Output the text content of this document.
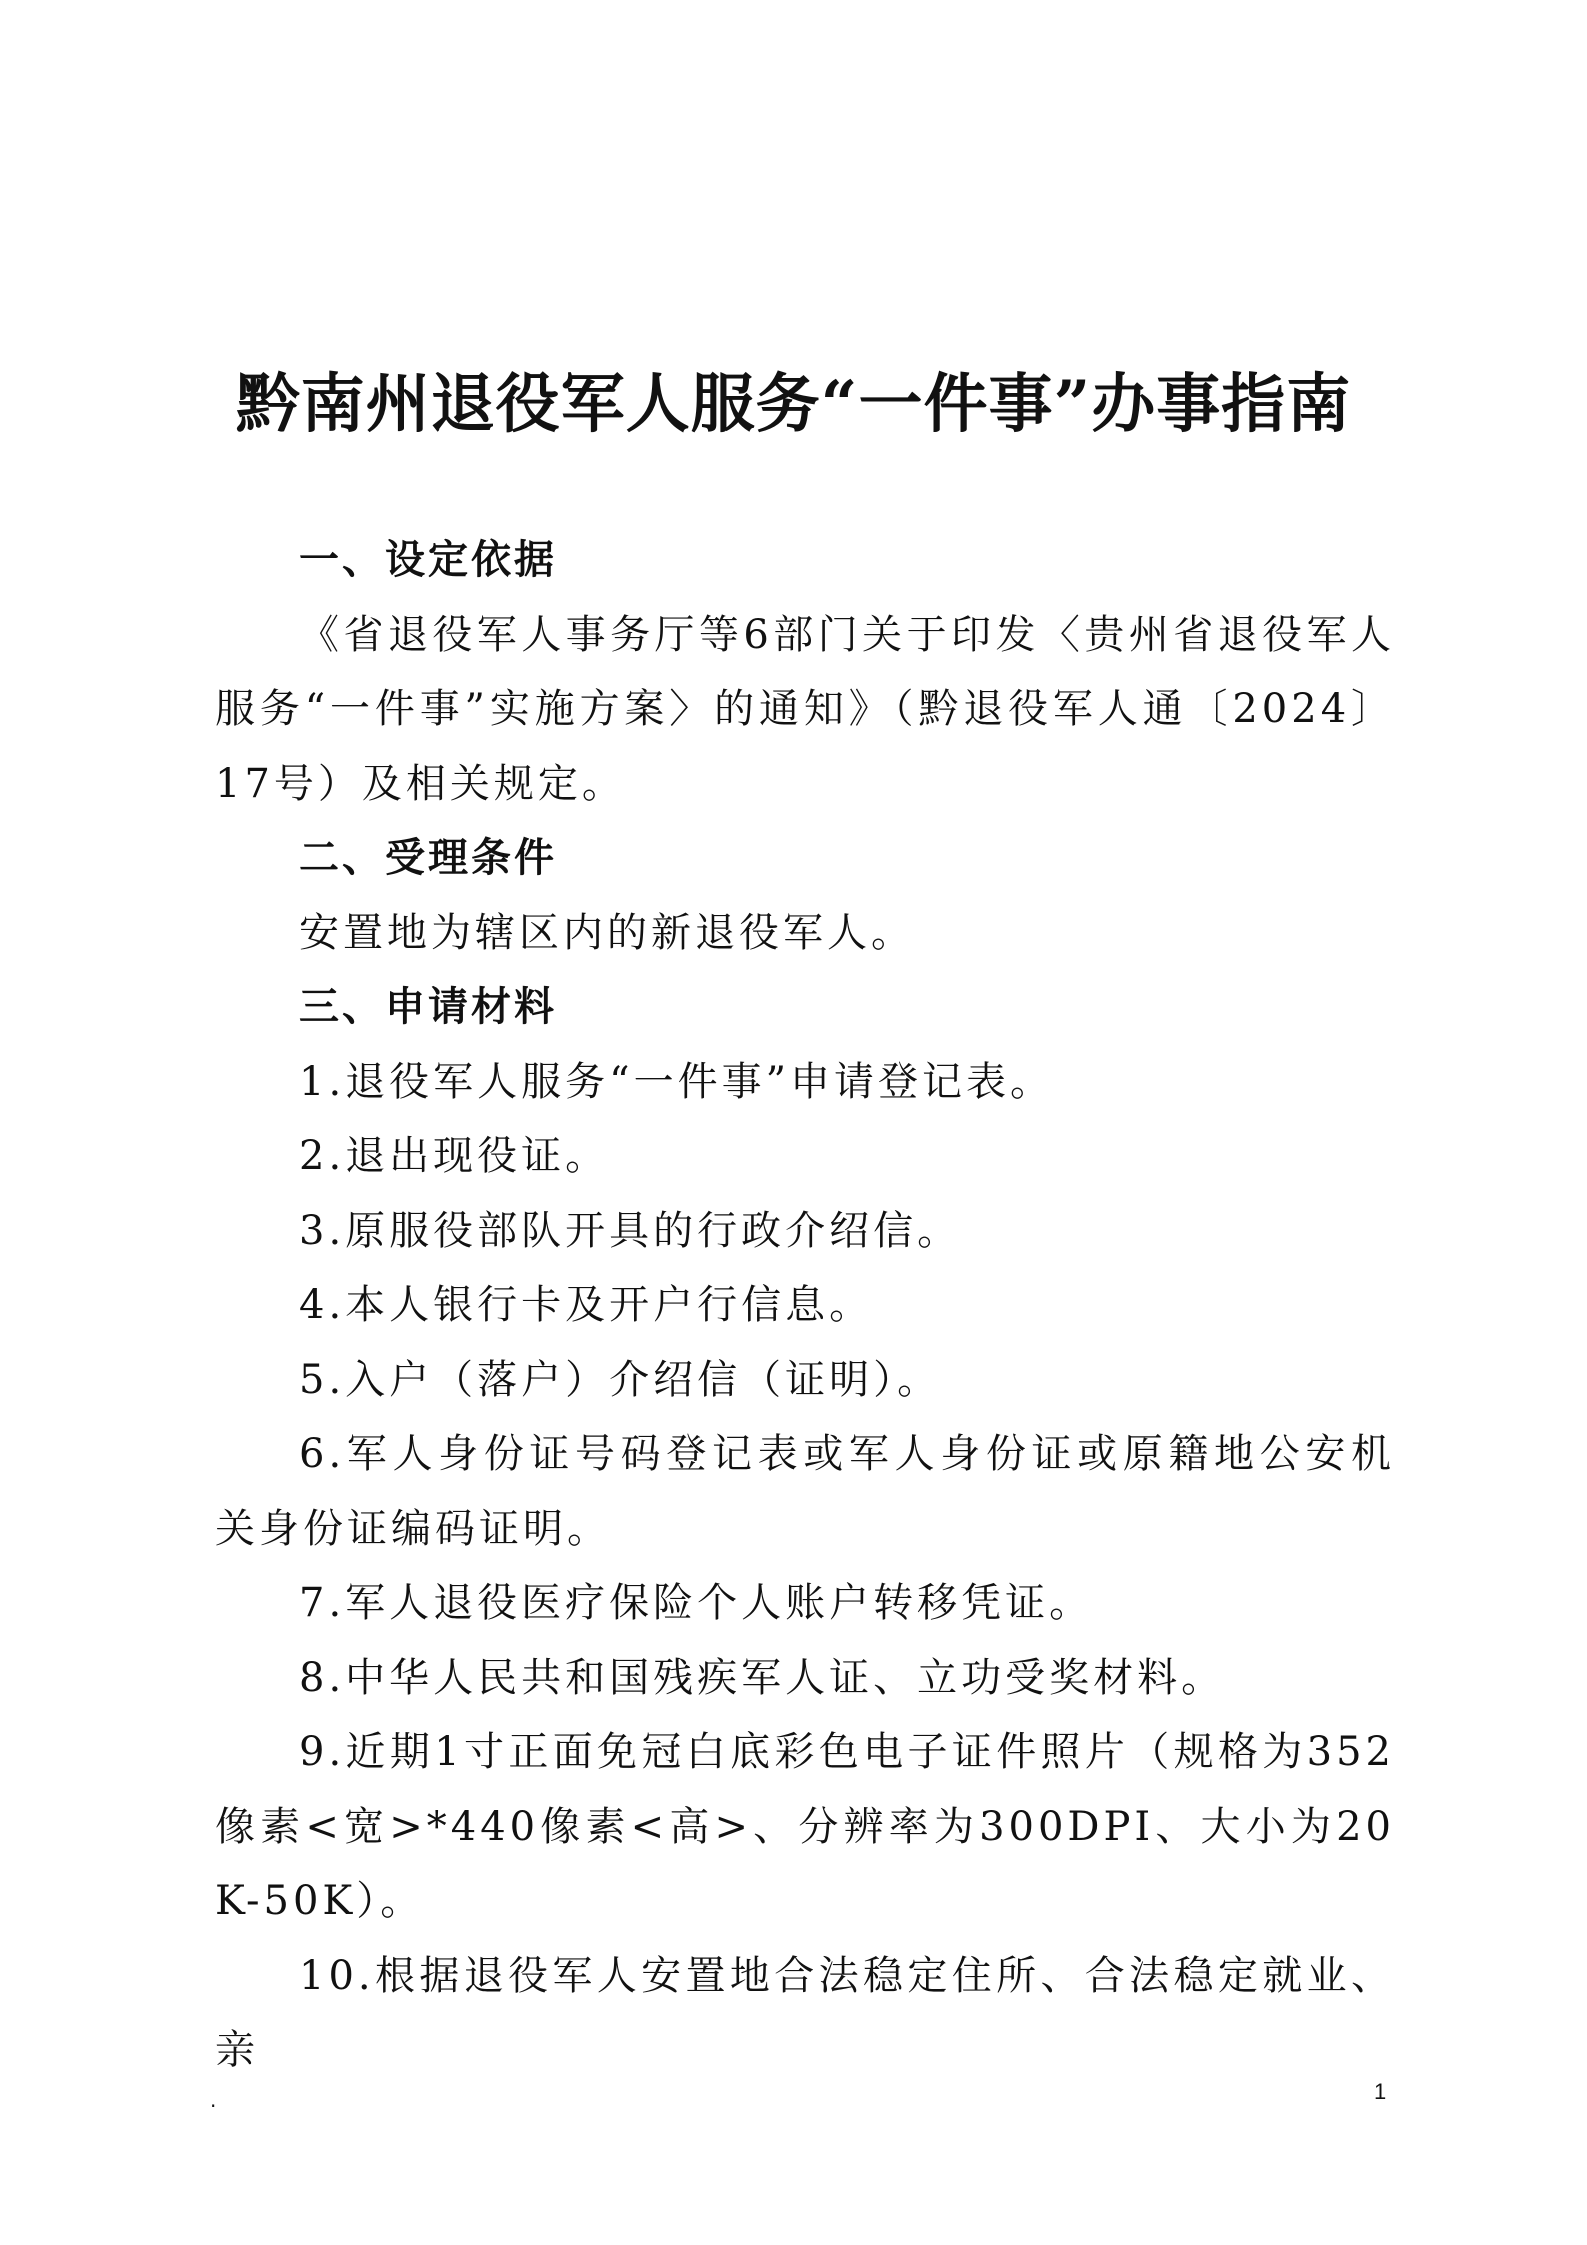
黔南州退役军人服务“一件事”办事指南

一、设定依据

《省退役军人事务厅等6部门关于印发〈贵州省退役军人服务“一件事”实施方案〉的通知》（黔退役军人通〔2024〕17号）及相关规定。

二、受理条件

安置地为辖区内的新退役军人。

三、申请材料

1.退役军人服务“一件事”申请登记表。

2.退出现役证。

3.原服役部队开具的行政介绍信。

4.本人银行卡及开户行信息。

5.入户（落户）介绍信（证明）。

6.军人身份证号码登记表或军人身份证或原籍地公安机关身份证编码证明。

7.军人退役医疗保险个人账户转移凭证。

8.中华人民共和国残疾军人证、立功受奖材料。

9.近期1寸正面免冠白底彩色电子证件照片（规格为352像素<宽>*440像素<高>、分辨率为300DPI、大小为20K-50K）。

10.根据退役军人安置地合法稳定住所、合法稳定就业、亲

.	1
